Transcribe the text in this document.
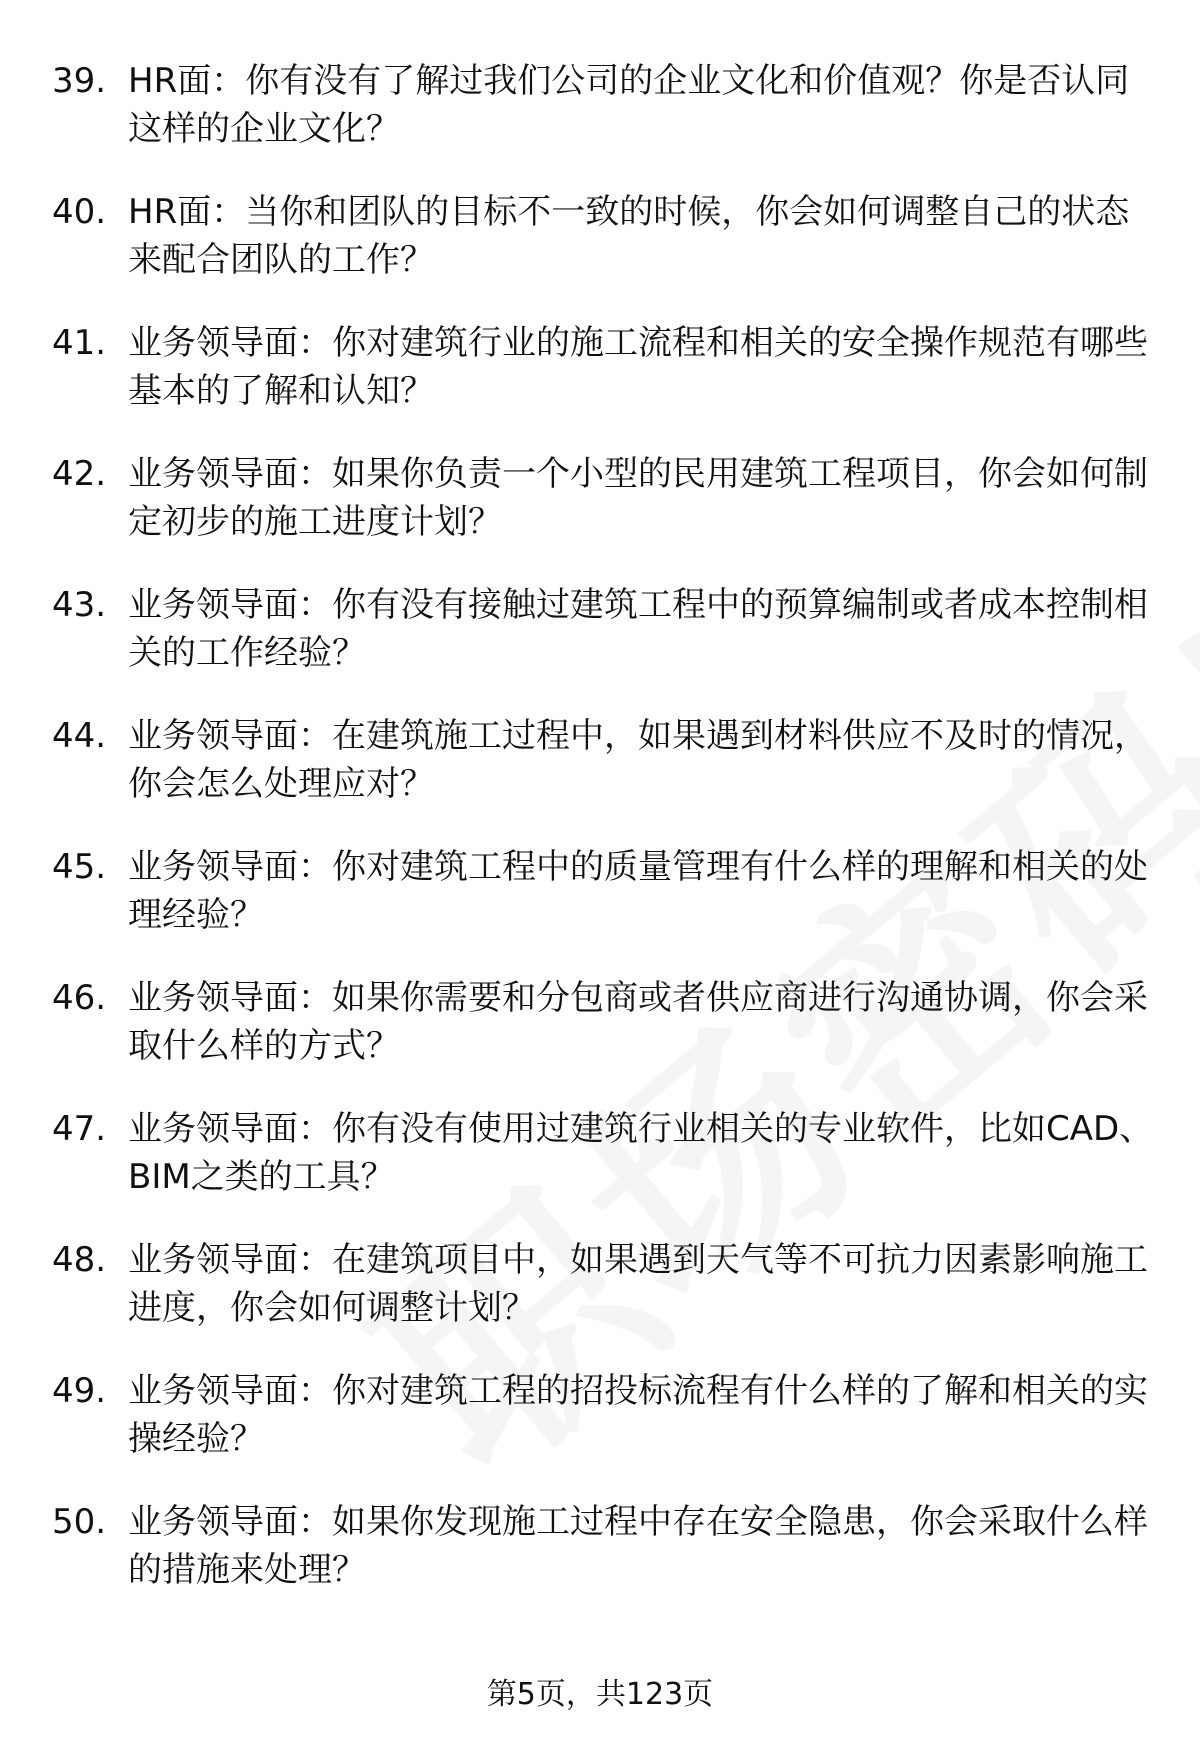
39. HR面：你有没有了解过我们公司的企业文化和价值观？你是否认同这样的企业文化？
40. HR面：当你和团队的目标不一致的时候，你会如何调整自己的状态来配合团队的工作？
41. 业务领导面：你对建筑行业的施工流程和相关的安全操作规范有哪些基本的了解和认知？
42. 业务领导面：如果你负责一个小型的民用建筑工程项目，你会如何制定初步的施工进度计划？
43. 业务领导面：你有没有接触过建筑工程中的预算编制或者成本控制相关的工作经验？
44. 业务领导面：在建筑施工过程中，如果遇到材料供应不及时的情况，你会怎么处理应对？
45. 业务领导面：你对建筑工程中的质量管理有什么样的理解和相关的处理经验？
46. 业务领导面：如果你需要和分包商或者供应商进行沟通协调，你会采取什么样的方式？
47. 业务领导面：你有没有使用过建筑行业相关的专业软件，比如CAD、BIM之类的工具？
48. 业务领导面：在建筑项目中，如果遇到天气等不可抗力因素影响施工进度，你会如何调整计划？
49. 业务领导面：你对建筑工程的招投标流程有什么样的了解和相关的实操经验？
50. 业务领导面：如果你发现施工过程中存在安全隐患，你会采取什么样的措施来处理？
第5页，共123页
